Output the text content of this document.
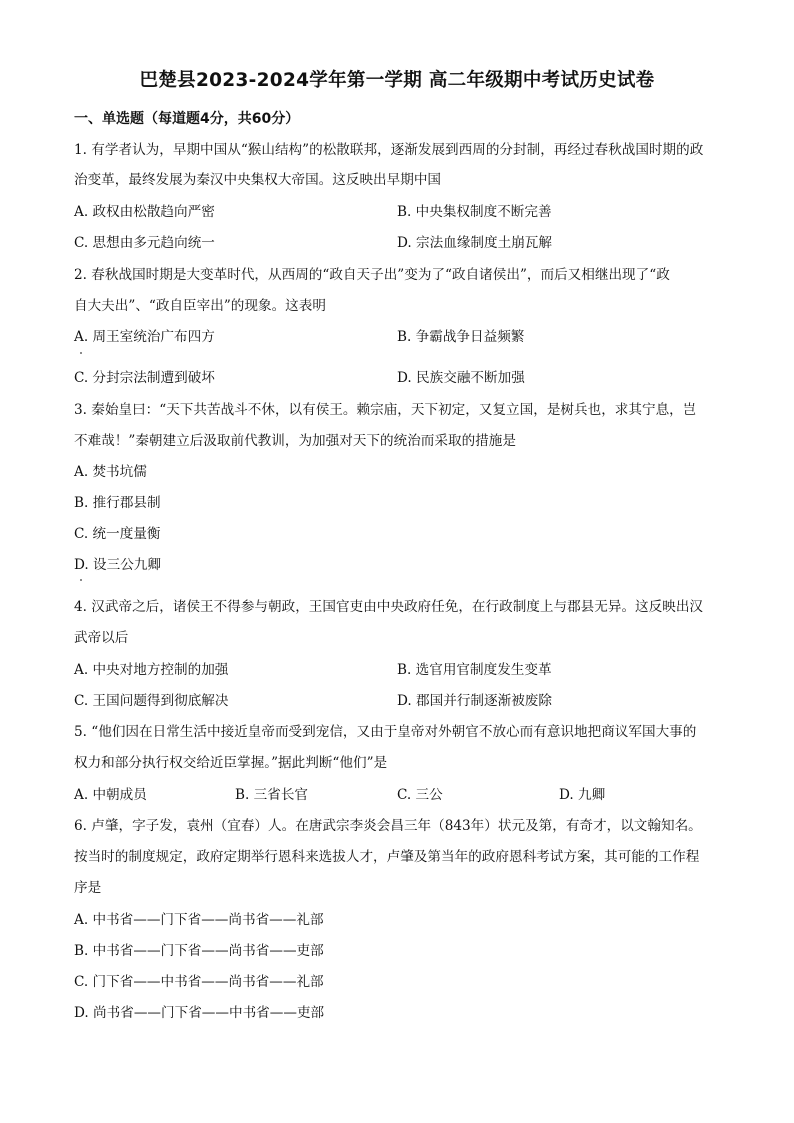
巴楚县2023-2024学年第一学期 高二年级期中考试历史试卷
一、单选题（每道题4分，共60分）
1. 有学者认为，早期中国从“猴山结构”的松散联邦，逐渐发展到西周的分封制，再经过春秋战国时期的政
治变革，最终发展为秦汉中央集权大帝国。这反映出早期中国
A. 政权由松散趋向严密	B. 中央集权制度不断完善
C. 思想由多元趋向统一	D. 宗法血缘制度土崩瓦解
2. 春秋战国时期是大变革时代，从西周的“政自天子出”变为了“政自诸侯出”，而后又相继出现了“政
自大夫出”、“政自臣宰出”的现象。这表明
A. 周王室统治广布四方	B. 争霸战争日益频繁
C. 分封宗法制遭到破坏	D. 民族交融不断加强
3. 秦始皇曰：“天下共苦战斗不休，以有侯王。赖宗庙，天下初定，又复立国，是树兵也，求其宁息，岂
不难哉！”秦朝建立后汲取前代教训，为加强对天下的统治而采取的措施是
A. 焚书坑儒
B. 推行郡县制
C. 统一度量衡
D. 设三公九卿
4. 汉武帝之后，诸侯王不得参与朝政，王国官吏由中央政府任免，在行政制度上与郡县无异。这反映出汉
武帝以后
A. 中央对地方控制的加强	B. 选官用官制度发生变革
C. 王国问题得到彻底解决	D. 郡国并行制逐渐被废除
5. “他们因在日常生活中接近皇帝而受到宠信，又由于皇帝对外朝官不放心而有意识地把商议军国大事的
权力和部分执行权交给近臣掌握。”据此判断“他们”是
A. 中朝成员	B. 三省长官	C. 三公	D. 九卿
6. 卢肇，字子发，袁州（宜春）人。在唐武宗李炎会昌三年（843年）状元及第，有奇才，以文翰知名。
按当时的制度规定，政府定期举行恩科来选拔人才，卢肇及第当年的政府恩科考试方案，其可能的工作程
序是
A. 中书省——门下省——尚书省——礼部
B. 中书省——门下省——尚书省——吏部
C. 门下省——中书省——尚书省——礼部
D. 尚书省——门下省——中书省——吏部
